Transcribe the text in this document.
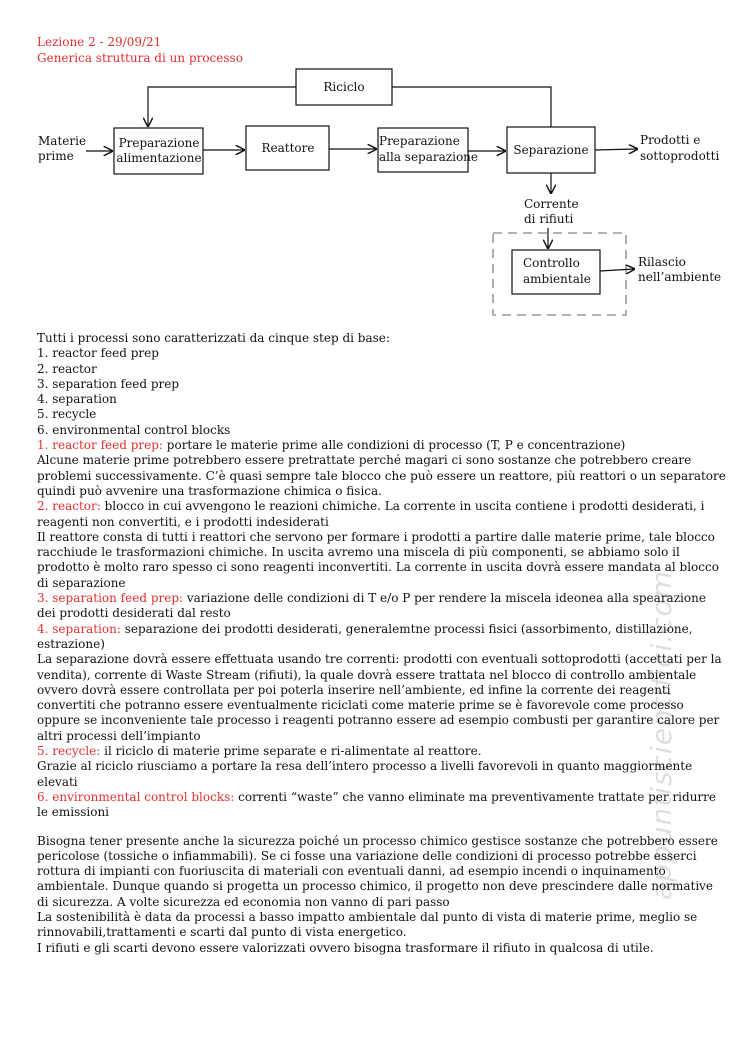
Lezione 2 - 29/09/21
Generica struttura di un processo
Riciclo
Materie
prime
Preparazione
alimentazione
Reattore	Preparazione
alla separazione	Separazione
Prodotti e
sottoprodotti
Corrente
di rifiuti
Controllo
ambientale
Rilascio
nell’ambiente

Tutti i processi sono caratterizzati da cinque step di base:

1. reactor feed prep

2. reactor

3. separation feed prep

4. separation

5. recycle

6. environmental control blocks

1. reactor feed prep: portare le materie prime alle condizioni di processo (T, P e concentrazione)

Alcune materie prime potrebbero essere pretrattate perché magari ci sono sostanze che potrebbero creare problemi successivamente. C’è quasi sempre tale blocco che può essere un reattore, più reattori o un separatore quindi può avvenire una trasformazione chimica o fisica.

2. reactor: blocco in cui avvengono le reazioni chimiche. La corrente in uscita contiene i prodotti desiderati, i reagenti non convertiti, e i prodotti indesiderati

Il reattore consta di tutti i reattori che servono per formare i prodotti a partire dalle materie prime, tale blocco racchiude le trasformazioni chimiche. In uscita avremo una miscela di più componenti, se abbiamo solo il prodotto è molto raro spesso ci sono reagenti inconvertiti. La corrente in uscita dovrà essere mandata al blocco di separazione

3. separation feed prep: variazione delle condizioni di T e/o P per rendere la miscela ideonea alla spearazione dei prodotti desiderati dal resto

4. separation: separazione dei prodotti desiderati, generalemtne processi fisici (assorbimento, distillazione, estrazione)

La separazione dovrà essere effettuata usando tre correnti: prodotti con eventuali sottoprodotti (accettati per la vendita), corrente di Waste Stream (rifiuti), la quale dovrà essere trattata nel blocco di controllo ambientale ovvero dovrà essere controllata per poi poterla inserire nell’ambiente, ed infine la corrente dei reagenti convertiti che potranno essere eventualmente riciclati come materie prime se è favorevole come processo oppure se inconveniente tale processo i reagenti potranno essere ad esempio combusti per garantire calore per altri processi dell’impianto

5. recycle: il riciclo di materie prime separate e ri-alimentate al reattore.

Grazie al riciclo riusciamo a portare la resa dell’intero processo a livelli favorevoli in quanto maggiormente elevati

6. environmental control blocks: correnti “waste” che vanno eliminate ma preventivamente trattate per ridurre le emissioni

Bisogna tener presente anche la sicurezza poiché un processo chimico gestisce sostanze che potrebbero essere pericolose (tossiche o infiammabili). Se ci fosse una variazione delle condizioni di processo potrebbe esserci rottura di impianti con fuoriuscita di materiali con eventuali danni, ad esempio incendi o inquinamento ambientale. Dunque quando si progetta un processo chimico, il progetto non deve prescindere dalle normative di sicurezza. A volte sicurezza ed economia non vanno di pari passo

La sostenibilità è data da processi a basso impatto ambientale dal punto di vista di materie prime, meglio se rinnovabili,trattamenti e scarti dal punto di vista energetico.

I rifiuti e gli scarti devono essere valorizzati ovvero bisogna trasformare il rifiuto in qualcosa di utile.

appuntiscientifici.com
